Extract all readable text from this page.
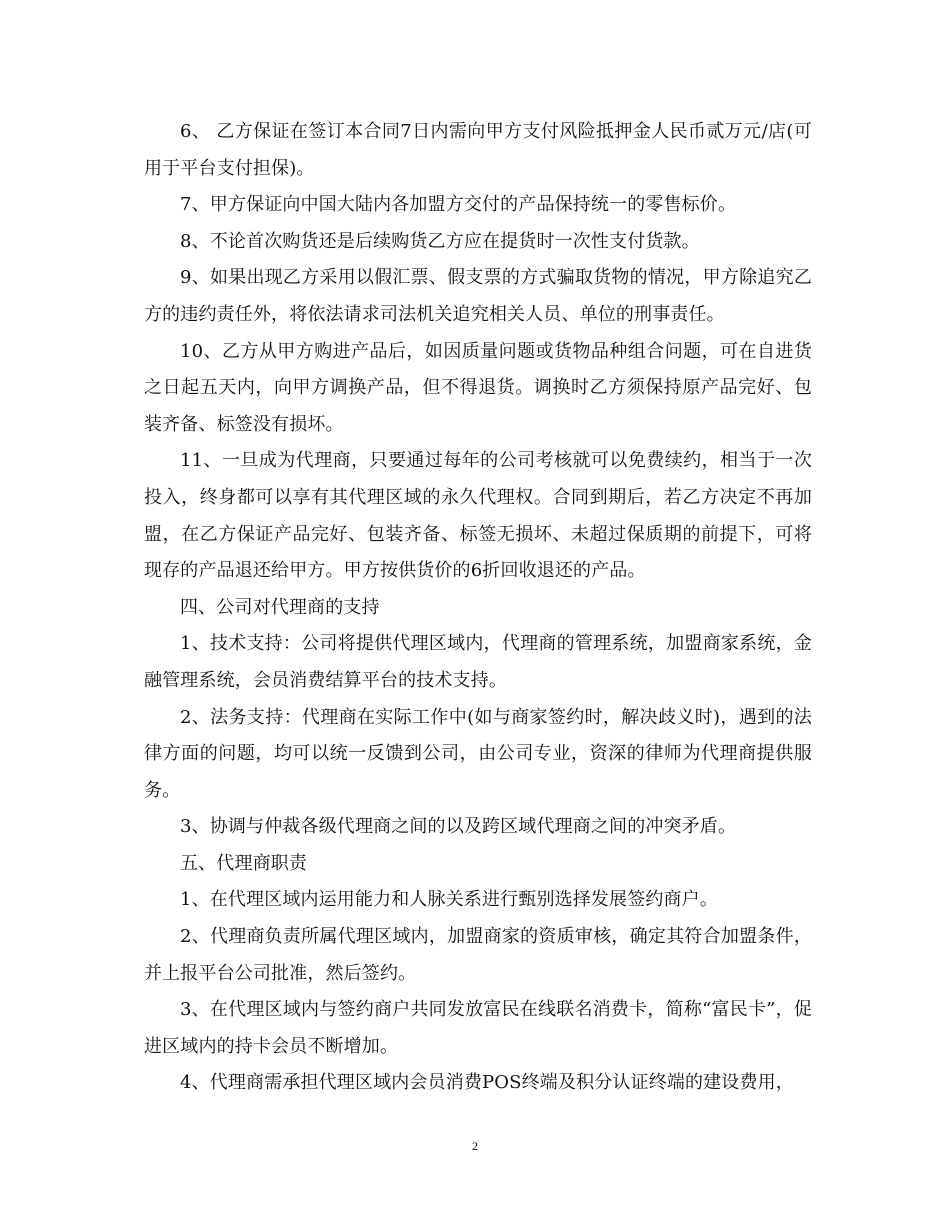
6、 乙方保证在签订本合同7日内需向甲方支付风险抵押金人民币贰万元/店(可用于平台支付担保)。

7、甲方保证向中国大陆内各加盟方交付的产品保持统一的零售标价。

8、不论首次购货还是后续购货乙方应在提货时一次性支付货款。

9、如果出现乙方采用以假汇票、假支票的方式骗取货物的情况，甲方除追究乙方的违约责任外，将依法请求司法机关追究相关人员、单位的刑事责任。

10、乙方从甲方购进产品后，如因质量问题或货物品种组合问题，可在自进货之日起五天内，向甲方调换产品，但不得退货。调换时乙方须保持原产品完好、包装齐备、标签没有损坏。

11、一旦成为代理商，只要通过每年的公司考核就可以免费续约，相当于一次投入，终身都可以享有其代理区域的永久代理权。合同到期后，若乙方决定不再加盟，在乙方保证产品完好、包装齐备、标签无损坏、未超过保质期的前提下，可将现存的产品退还给甲方。甲方按供货价的6折回收退还的产品。

四、公司对代理商的支持

1、技术支持：公司将提供代理区域内，代理商的管理系统，加盟商家系统，金融管理系统，会员消费结算平台的技术支持。

2、法务支持：代理商在实际工作中(如与商家签约时，解决歧义时)，遇到的法律方面的问题，均可以统一反馈到公司，由公司专业，资深的律师为代理商提供服务。

3、协调与仲裁各级代理商之间的以及跨区域代理商之间的冲突矛盾。

五、代理商职责

1、在代理区域内运用能力和人脉关系进行甄别选择发展签约商户。

2、代理商负责所属代理区域内，加盟商家的资质审核，确定其符合加盟条件，并上报平台公司批准，然后签约。

3、在代理区域内与签约商户共同发放富民在线联名消费卡，简称“富民卡”，促进区域内的持卡会员不断增加。

4、代理商需承担代理区域内会员消费POS终端及积分认证终端的建设费用，

2
